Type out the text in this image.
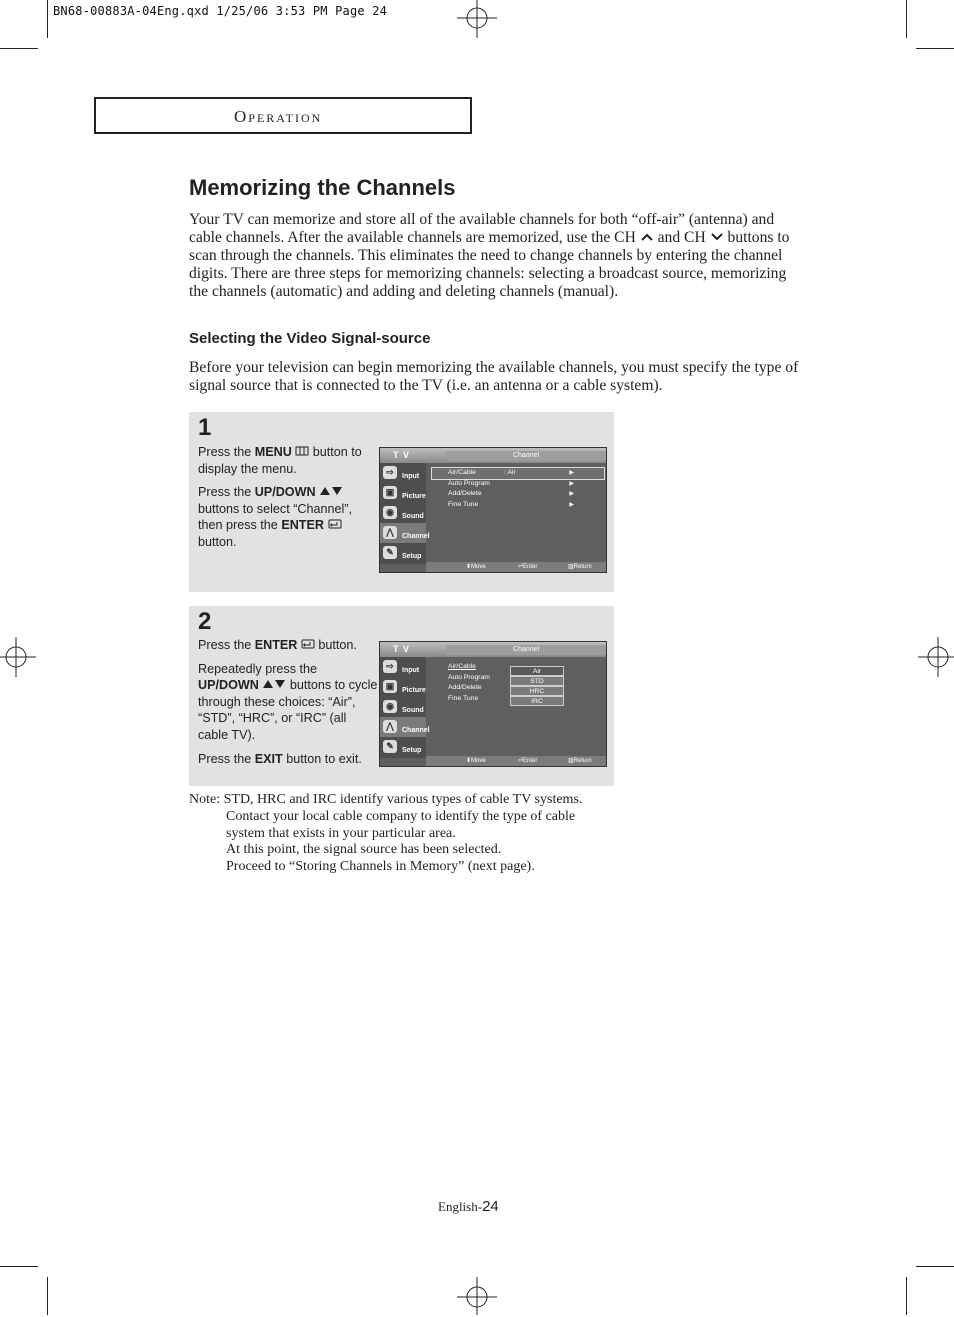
BN68-00883A-04Eng.qxd 1/25/06 3:53 PM Page 24
Operation
Memorizing the Channels
Your TV can memorize and store all of the available channels for both “off-air” (antenna) and cable channels. After the available channels are memorized, use the CH and CH buttons to scan through the channels. This eliminates the need to change channels by entering the channel digits. There are three steps for memorizing channels: selecting a broadcast source, memorizing the channels (automatic) and adding and deleting channels (manual).
Selecting the Video Signal-source
Before your television can begin memorizing the available channels, you must specify the type of signal source that is connected to the TV (i.e. an antenna or a cable system).
1

Press the MENU  button to display the menu.

Press the UP/DOWN  buttons to select “Channel”, then press the ENTER  button.

T V	Channel
⇨	Input
▣	Picture
◉	Sound
⋀	Channel
✎	Setup
Air/Cable	: Air	▶
Auto Program	▶
Add/Delete	▶
Fine Tune	▶
⬍ Move	⏎ Enter	▥ Return
2

Press the ENTER  button.

Repeatedly press the UP/DOWN  buttons to cycle through these choices: “Air”, “STD”, “HRC”, or “IRC” (all cable TV).

Press the EXIT button to exit.

T V	Channel
⇨	Input
▣	Picture
◉	Sound
⋀	Channel
✎	Setup
Air/Cable
Auto Program
Add/Delete
Fine Tune
Air
STD
HRC
IRC
⬍ Move	⏎ Enter	▥ Return
Note: STD, HRC and IRC identify various types of cable TV systems.
Contact your local cable company to identify the type of cable
system that exists in your particular area.
At this point, the signal source has been selected.
Proceed to “Storing Channels in Memory” (next page).
English-24
